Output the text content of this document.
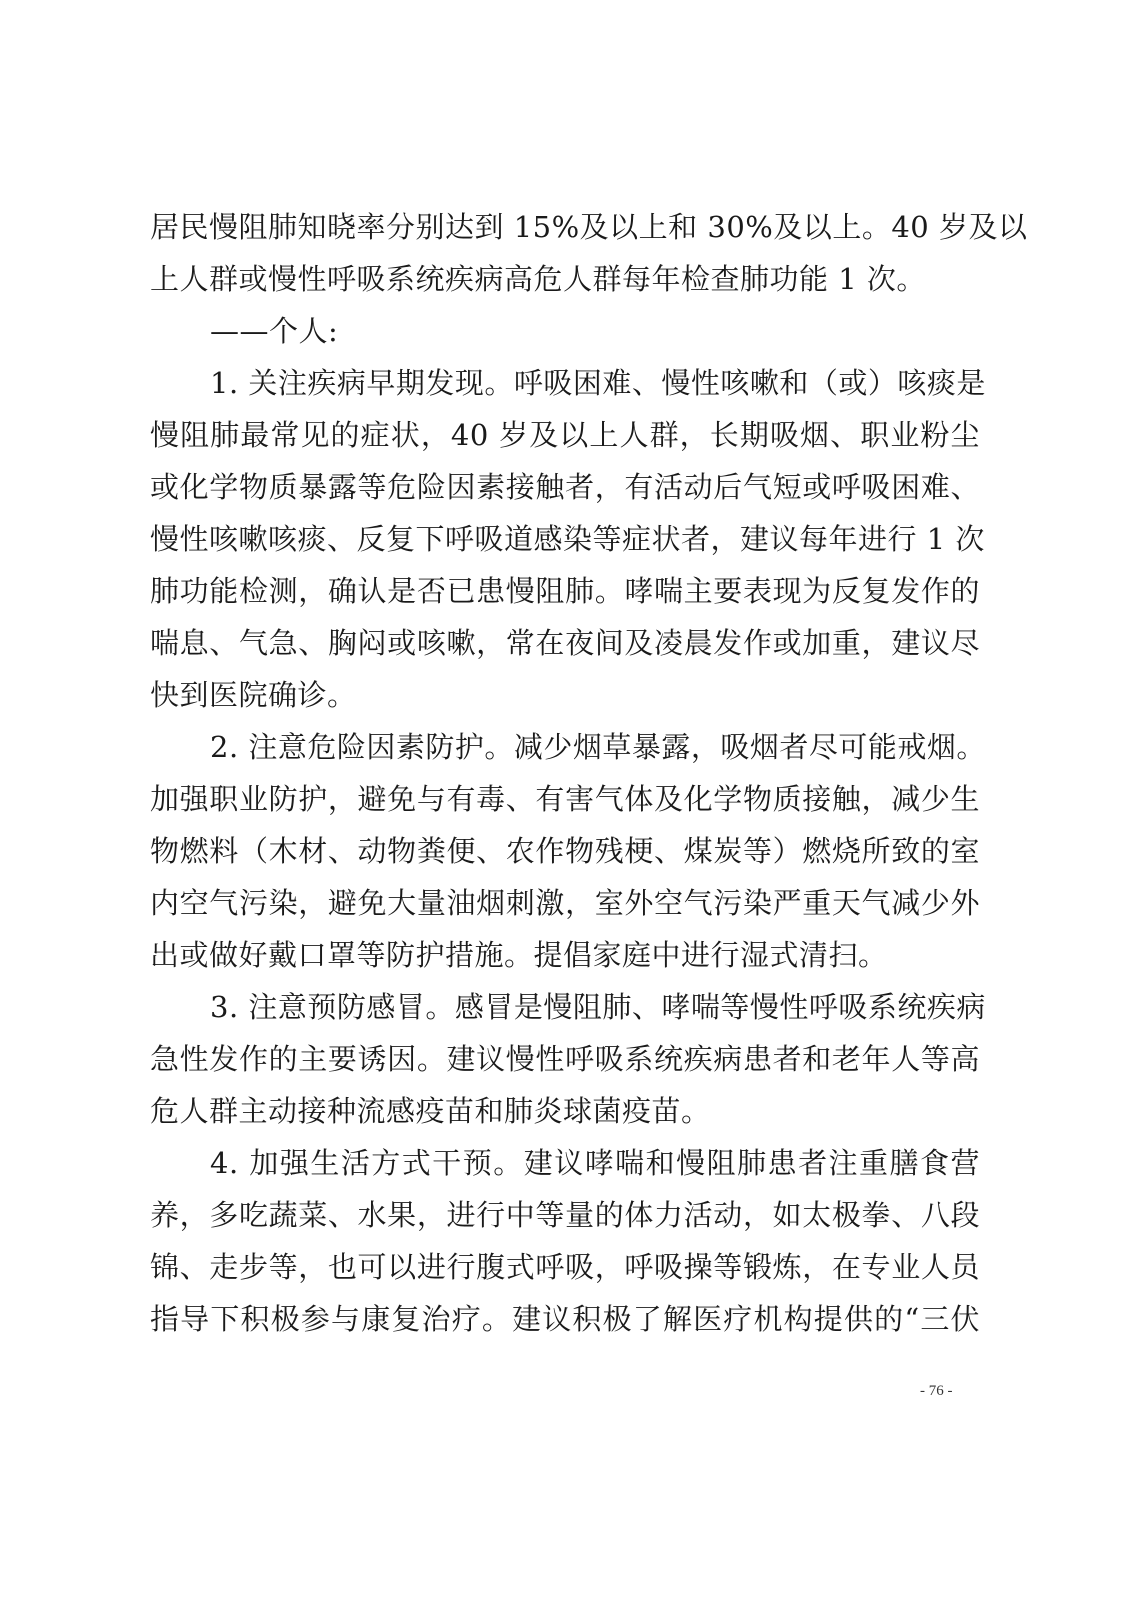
居民慢阻肺知晓率分别达到 15%及以上和 30%及以上。40 岁及以
上人群或慢性呼吸系统疾病高危人群每年检查肺功能 1 次。
——个人:
1. 关注疾病早期发现。呼吸困难、慢性咳嗽和（或）咳痰是
慢阻肺最常见的症状，40 岁及以上人群，长期吸烟、职业粉尘
或化学物质暴露等危险因素接触者，有活动后气短或呼吸困难、
慢性咳嗽咳痰、反复下呼吸道感染等症状者，建议每年进行 1 次
肺功能检测，确认是否已患慢阻肺。哮喘主要表现为反复发作的
喘息、气急、胸闷或咳嗽，常在夜间及凌晨发作或加重，建议尽
快到医院确诊。
2. 注意危险因素防护。减少烟草暴露，吸烟者尽可能戒烟。
加强职业防护，避免与有毒、有害气体及化学物质接触，减少生
物燃料（木材、动物粪便、农作物残梗、煤炭等）燃烧所致的室
内空气污染，避免大量油烟刺激，室外空气污染严重天气减少外
出或做好戴口罩等防护措施。提倡家庭中进行湿式清扫。
3. 注意预防感冒。感冒是慢阻肺、哮喘等慢性呼吸系统疾病
急性发作的主要诱因。建议慢性呼吸系统疾病患者和老年人等高
危人群主动接种流感疫苗和肺炎球菌疫苗。
4. 加强生活方式干预。建议哮喘和慢阻肺患者注重膳食营
养，多吃蔬菜、水果，进行中等量的体力活动，如太极拳、八段
锦、走步等，也可以进行腹式呼吸，呼吸操等锻炼，在专业人员
指导下积极参与康复治疗。建议积极了解医疗机构提供的“三伏
- 76 -
